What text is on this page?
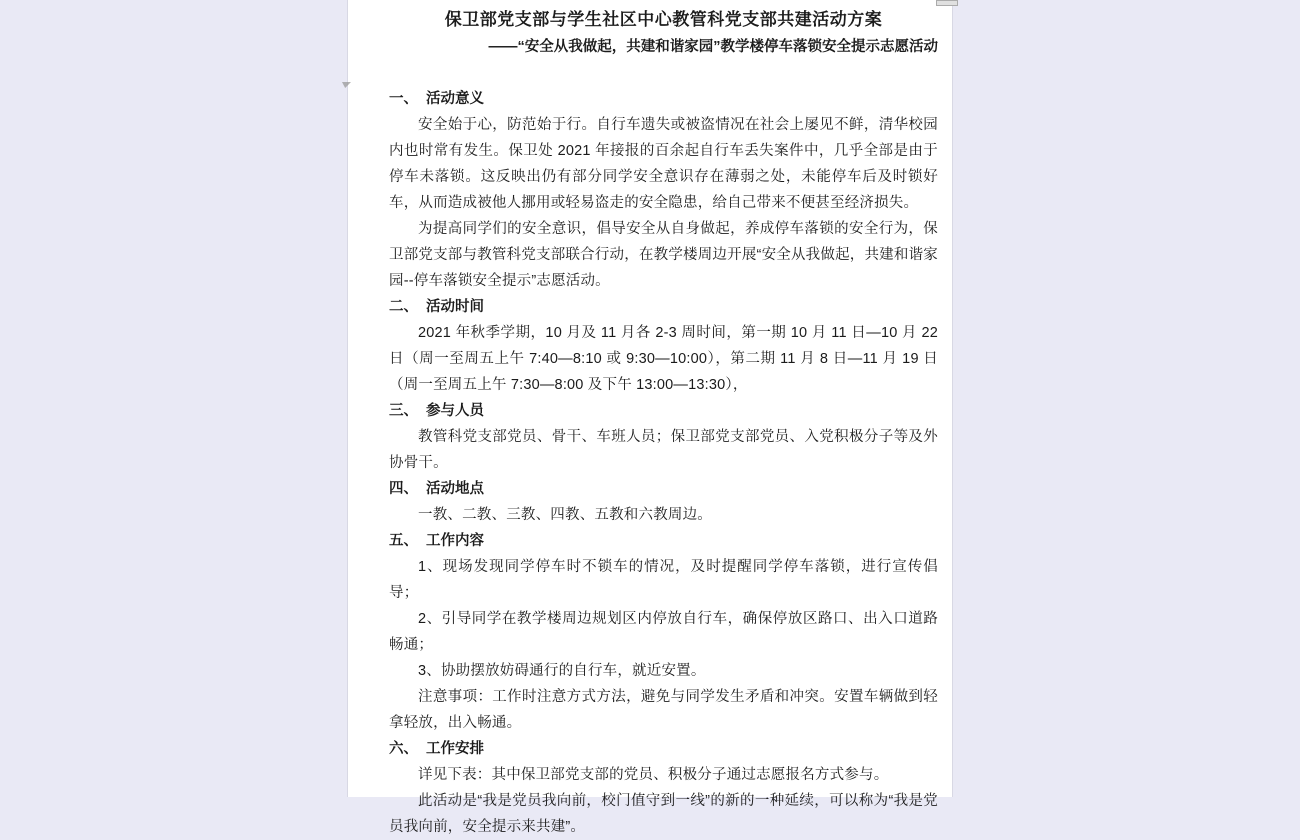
保卫部党支部与学生社区中心教管科党支部共建活动方案
——“安全从我做起，共建和谐家园”教学楼停车落锁安全提示志愿活动
一、 活动意义

安全始于心，防范始于行。自行车遗失或被盗情况在社会上屡见不鲜，清华校园内也时常有发生。保卫处 2021 年接报的百余起自行车丢失案件中，几乎全部是由于停车未落锁。这反映出仍有部分同学安全意识存在薄弱之处，未能停车后及时锁好车，从而造成被他人挪用或轻易盗走的安全隐患，给自己带来不便甚至经济损失。

为提高同学们的安全意识，倡导安全从自身做起，养成停车落锁的安全行为，保卫部党支部与教管科党支部联合行动，在教学楼周边开展“安全从我做起，共建和谐家园--停车落锁安全提示”志愿活动。

二、 活动时间

2021 年秋季学期，10 月及 11 月各 2-3 周时间，第一期 10 月 11 日—10 月 22 日（周一至周五上午 7:40—8:10 或 9:30—10:00），第二期 11 月 8 日—11 月 19 日（周一至周五上午 7:30—8:00 及下午 13:00—13:30），

三、 参与人员

教管科党支部党员、骨干、车班人员；保卫部党支部党员、入党积极分子等及外协骨干。

四、 活动地点

一教、二教、三教、四教、五教和六教周边。

五、 工作内容

1、现场发现同学停车时不锁车的情况，及时提醒同学停车落锁，进行宣传倡导；

2、引导同学在教学楼周边规划区内停放自行车，确保停放区路口、出入口道路畅通；

3、协助摆放妨碍通行的自行车，就近安置。

注意事项：工作时注意方式方法，避免与同学发生矛盾和冲突。安置车辆做到轻拿轻放，出入畅通。

六、 工作安排

详见下表：其中保卫部党支部的党员、积极分子通过志愿报名方式参与。

此活动是“我是党员我向前，校门值守到一线”的新的一种延续，可以称为“我是党员我向前，安全提示来共建”。
